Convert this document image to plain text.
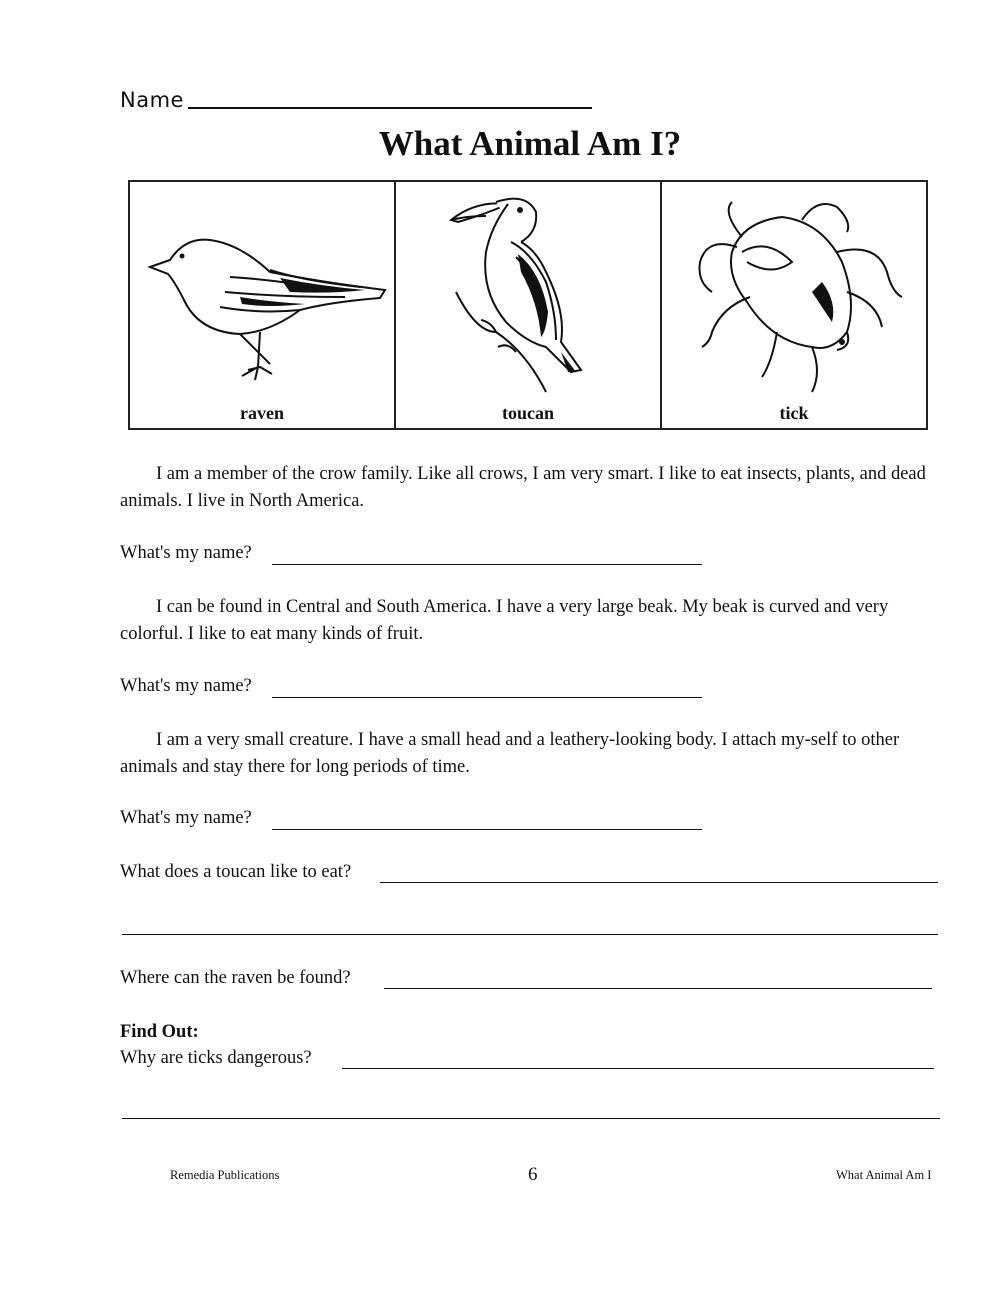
Name
What Animal Am I?
raven	toucan	tick
I am a member of the crow family. Like all crows, I am very smart. I like to eat insects, plants, and dead animals. I live in North America.
What's my name?
I can be found in Central and South America. I have a very large beak. My beak is curved and very colorful. I like to eat many kinds of fruit.
What's my name?
I am a very small creature. I have a small head and a leathery-looking body. I attach my-self to other animals and stay there for long periods of time.
What's my name?
What does a toucan like to eat?
Where can the raven be found?
Find Out:
Why are ticks dangerous?
Remedia Publications	6	What Animal Am I
